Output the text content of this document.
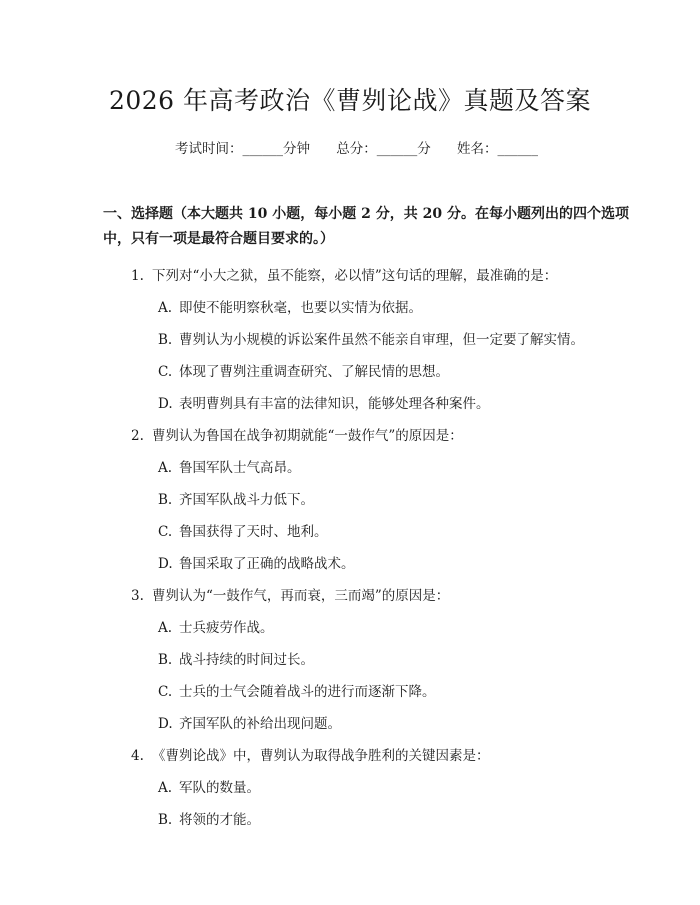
2026 年高考政治《曹刿论战》真题及答案
考试时间：______分钟 总分：______分 姓名：______
一、选择题（本大题共 10 小题，每小题 2 分，共 20 分。在每小题列出的四个选项中，只有一项是最符合题目要求的。）
1. 下列对“小大之狱，虽不能察，必以情”这句话的理解，最准确的是：
A. 即使不能明察秋毫，也要以实情为依据。
B. 曹刿认为小规模的诉讼案件虽然不能亲自审理，但一定要了解实情。
C. 体现了曹刿注重调查研究、了解民情的思想。
D. 表明曹刿具有丰富的法律知识，能够处理各种案件。
2. 曹刿认为鲁国在战争初期就能“一鼓作气”的原因是：
A. 鲁国军队士气高昂。
B. 齐国军队战斗力低下。
C. 鲁国获得了天时、地利。
D. 鲁国采取了正确的战略战术。
3. 曹刿认为“一鼓作气，再而衰，三而竭”的原因是：
A. 士兵疲劳作战。
B. 战斗持续的时间过长。
C. 士兵的士气会随着战斗的进行而逐渐下降。
D. 齐国军队的补给出现问题。
4. 《曹刿论战》中，曹刿认为取得战争胜利的关键因素是：
A. 军队的数量。
B. 将领的才能。
